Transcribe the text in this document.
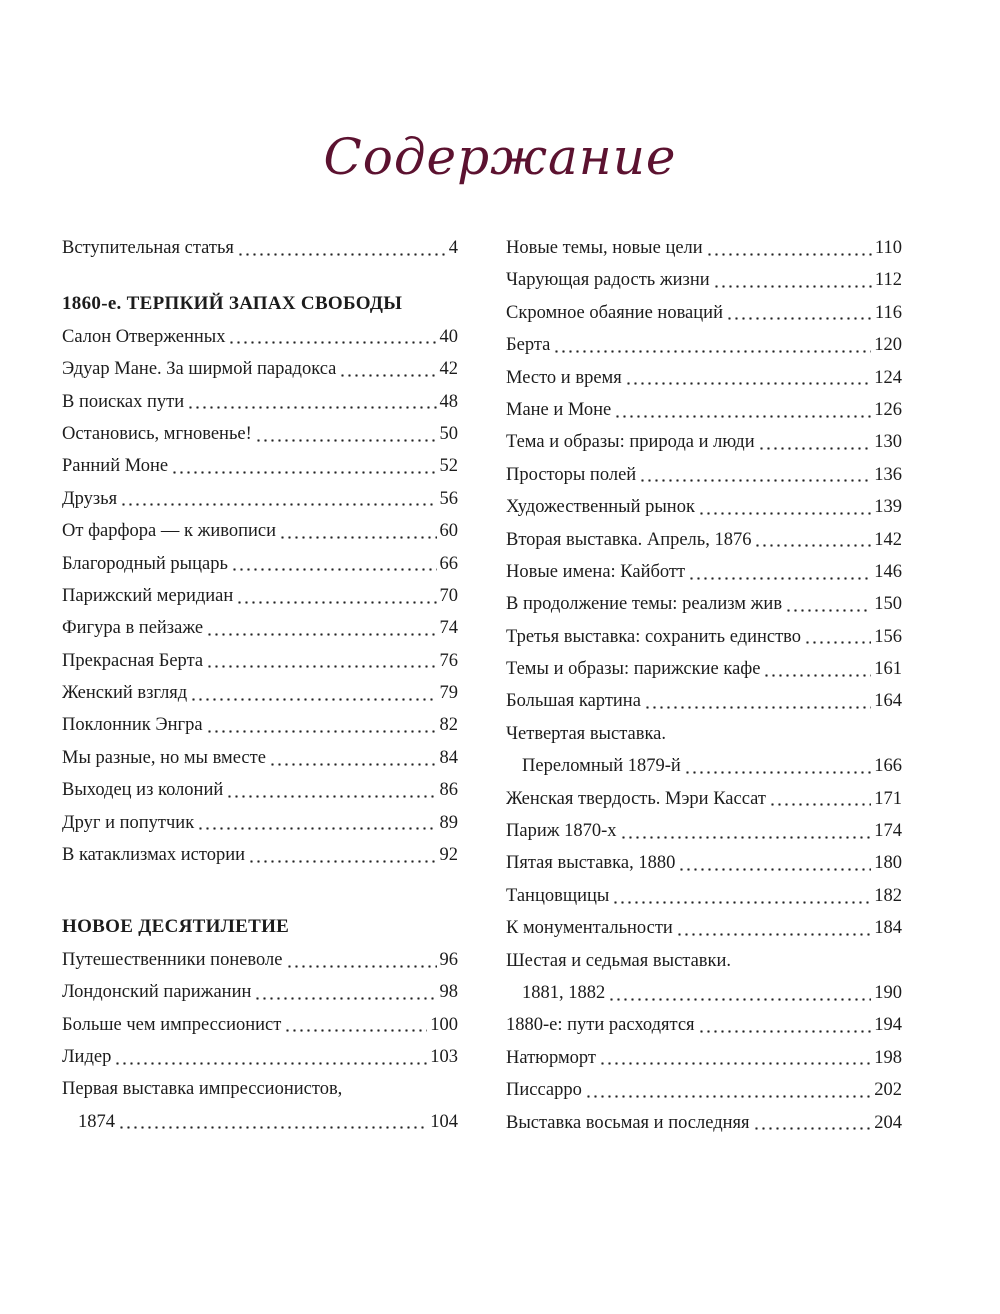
Содержание
Вступительная статья	4
1860-е. ТЕРПКИЙ ЗАПАХ СВОБОДЫ
Салон Отверженных	40
Эдуар Мане. За ширмой парадокса	42
В поисках пути	48
Остановись, мгновенье!	50
Ранний Моне	52
Друзья	56
От фарфора — к живописи	60
Благородный рыцарь	66
Парижский меридиан	70
Фигура в пейзаже	74
Прекрасная Берта	76
Женский взгляд	79
Поклонник Энгра	82
Мы разные, но мы вместе	84
Выходец из колоний	86
Друг и попутчик	89
В катаклизмах истории	92
НОВОЕ ДЕСЯТИЛЕТИЕ
Путешественники поневоле	96
Лондонский парижанин	98
Больше чем импрессионист	100
Лидер	103
Первая выставка импрессионистов,
1874	104
Новые темы, новые цели	110
Чарующая радость жизни	112
Скромное обаяние новаций	116
Берта	120
Место и время	124
Мане и Моне	126
Тема и образы: природа и люди	130
Просторы полей	136
Художественный рынок	139
Вторая выставка. Апрель, 1876	142
Новые имена: Кайботт	146
В продолжение темы: реализм жив	150
Третья выставка: сохранить единство	156
Темы и образы: парижские кафе	161
Большая картина	164
Четвертая выставка.
Переломный 1879-й	166
Женская твердость. Мэри Кассат	171
Париж 1870-х	174
Пятая выставка, 1880	180
Танцовщицы	182
К монументальности	184
Шестая и седьмая выставки.
1881, 1882	190
1880-е: пути расходятся	194
Натюрморт	198
Писсарро	202
Выставка восьмая и последняя	204
